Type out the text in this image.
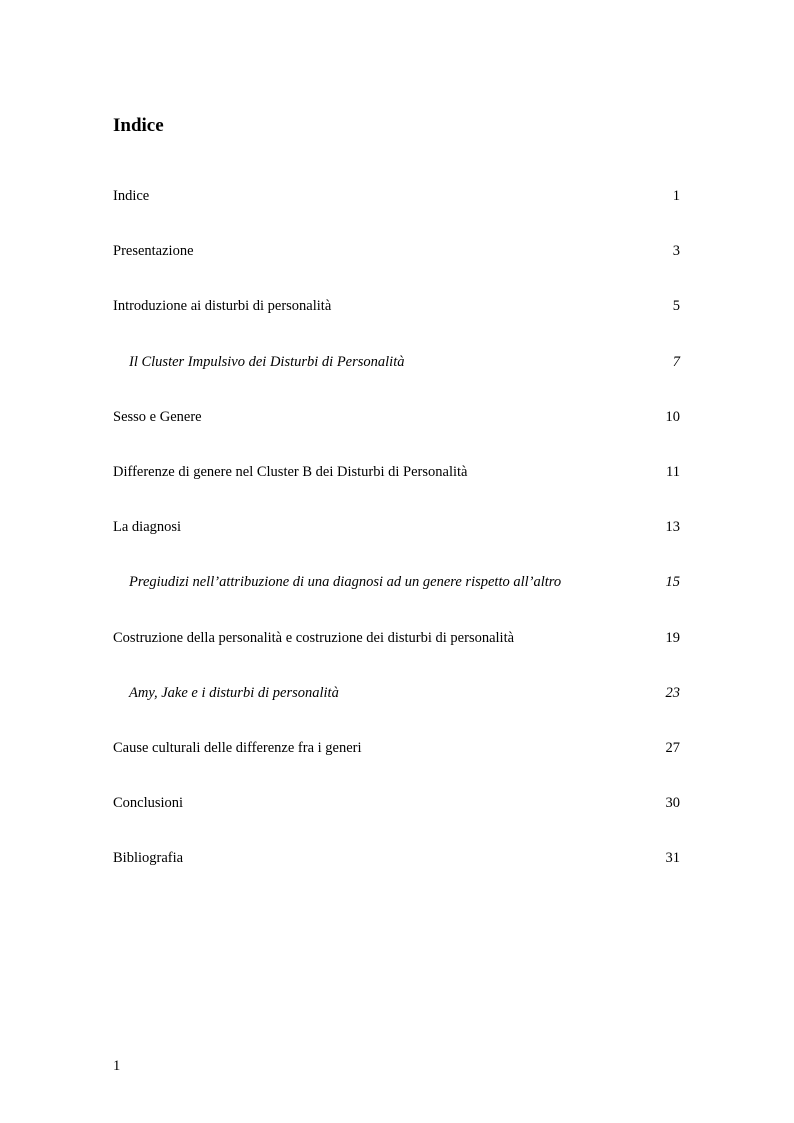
Indice
Indice	1
Presentazione	3
Introduzione ai disturbi di personalità	5
Il Cluster Impulsivo dei Disturbi di Personalità	7
Sesso e Genere	10
Differenze di genere nel Cluster B dei Disturbi di Personalità	11
La diagnosi	13
Pregiudizi nell’attribuzione di una diagnosi ad un genere rispetto all’altro	15
Costruzione della personalità e costruzione dei disturbi di personalità	19
Amy, Jake e i disturbi di personalità	23
Cause culturali delle differenze fra i generi	27
Conclusioni	30
Bibliografia	31
1
